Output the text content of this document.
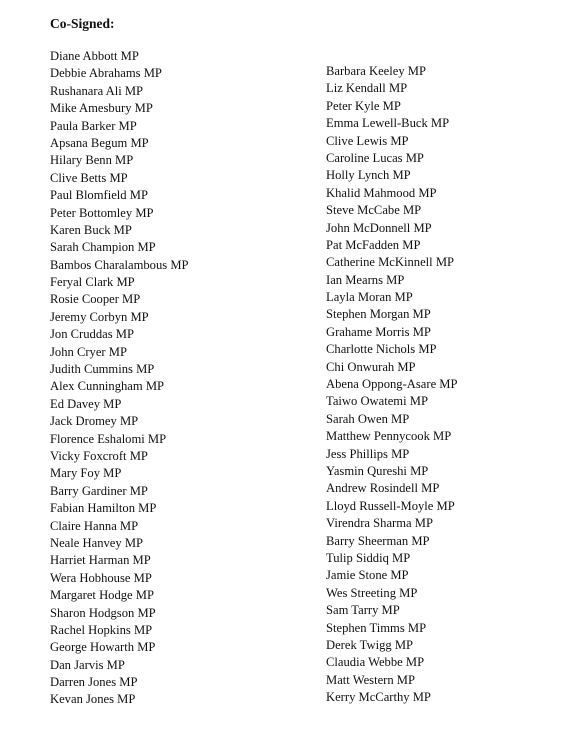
Co-Signed:
Diane Abbott MP
Debbie Abrahams MP
Rushanara Ali MP
Mike Amesbury MP
Paula Barker MP
Apsana Begum MP
Hilary Benn MP
Clive Betts MP
Paul Blomfield MP
Peter Bottomley MP
Karen Buck MP
Sarah Champion MP
Bambos Charalambous MP
Feryal Clark MP
Rosie Cooper MP
Jeremy Corbyn MP
Jon Cruddas MP
John Cryer MP
Judith Cummins MP
Alex Cunningham MP
Ed Davey MP
Jack Dromey MP
Florence Eshalomi MP
Vicky Foxcroft MP
Mary Foy MP
Barry Gardiner MP
Fabian Hamilton MP
Claire Hanna MP
Neale Hanvey MP
Harriet Harman MP
Wera Hobhouse MP
Margaret Hodge MP
Sharon Hodgson MP
Rachel Hopkins MP
George Howarth MP
Dan Jarvis MP
Darren Jones MP
Kevan Jones MP
Barbara Keeley MP
Liz Kendall MP
Peter Kyle MP
Emma Lewell-Buck MP
Clive Lewis MP
Caroline Lucas MP
Holly Lynch MP
Khalid Mahmood MP
Steve McCabe MP
John McDonnell MP
Pat McFadden MP
Catherine McKinnell MP
Ian Mearns MP
Layla Moran MP
Stephen Morgan MP
Grahame Morris MP
Charlotte Nichols MP
Chi Onwurah MP
Abena Oppong-Asare MP
Taiwo Owatemi MP
Sarah Owen MP
Matthew Pennycook MP
Jess Phillips MP
Yasmin Qureshi MP
Andrew Rosindell MP
Lloyd Russell-Moyle MP
Virendra Sharma MP
Barry Sheerman MP
Tulip Siddiq MP
Jamie Stone MP
Wes Streeting MP
Sam Tarry MP
Stephen Timms MP
Derek Twigg MP
Claudia Webbe MP
Matt Western MP
Kerry McCarthy MP
